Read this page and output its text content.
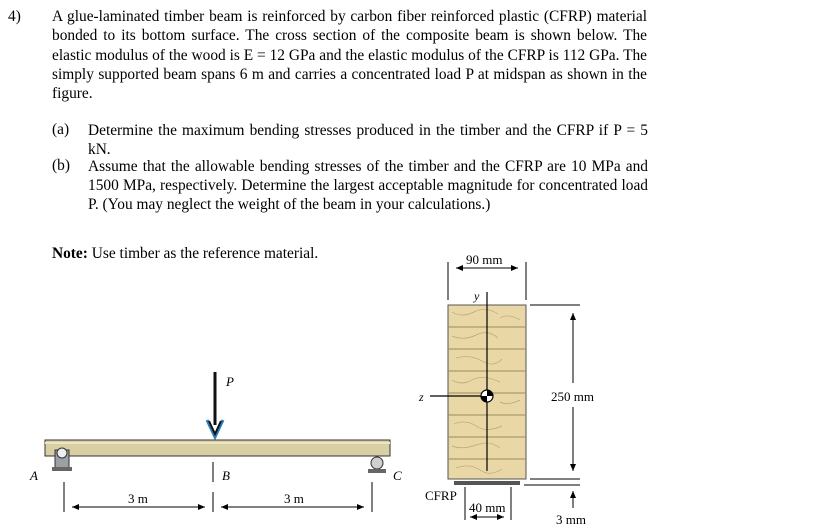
4) A glue-laminated timber beam is reinforced by carbon fiber reinforced plastic (CFRP) material bonded to its bottom surface. The cross section of the composite beam is shown below. The elastic modulus of the wood is E = 12 GPa and the elastic modulus of the CFRP is 112 GPa. The simply supported beam spans 6 m and carries a concentrated load P at midspan as shown in the figure.
(a) Determine the maximum bending stresses produced in the timber and the CFRP if P = 5 kN.
(b) Assume that the allowable bending stresses of the timber and the CFRP are 10 MPa and 1500 MPa, respectively. Determine the largest acceptable magnitude for concentrated load P. (You may neglect the weight of the beam in your calculations.)
Note: Use timber as the reference material.
P
A	B	C
3 m	3 m
90 mm
y
z	250 mm
CFRP
40 mm
3 mm
